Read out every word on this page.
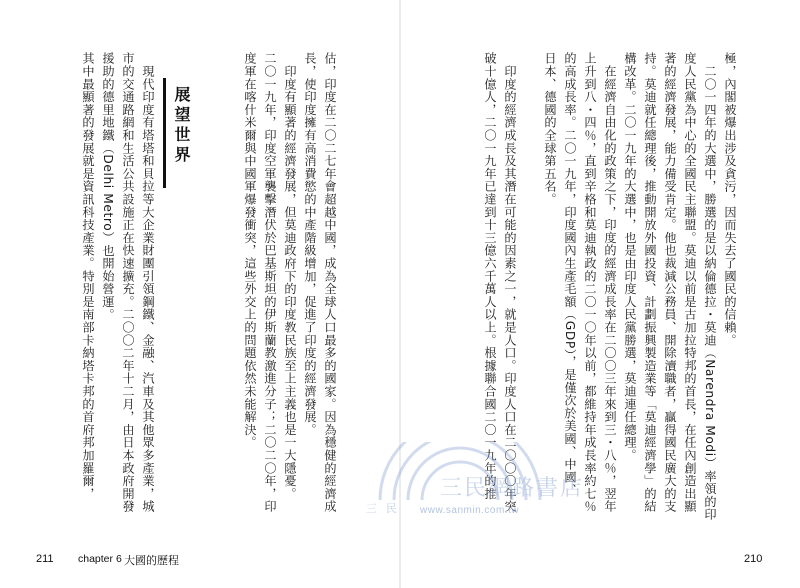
估，印度在二〇二七年會超越中國，成為全球人口最多的國家。因為穩健的經濟成
長，使印度擁有高消費慾的中產階級增加，促進了印度的經濟發展。
　印度有顯著的經濟發展，但莫迪政府下的印度教民族至上主義也是一大隱憂。
二〇一九年，印度空軍襲擊潛伏於巴基斯坦的伊斯蘭教激進分子；二〇二〇年，印
度軍在喀什米爾與中國軍爆發衝突，這些外交上的問題依然未能解決。
展望世界
　現代印度有塔塔和貝拉等大企業財團引領鋼鐵、金融、汽車及其他眾多產業，城
市的交通路網和生活公共設施正在快速擴充。二〇〇二年十二月，由日本政府開發
援助的德里地鐵（Delhi Metro）也開始營運。
其中最顯著的發展就是資訊科技產業。特別是南部卡納塔卡邦的首府邦加羅爾，	極，內閣被爆出涉及貪污，因而失去了國民的信賴。
　二〇一四年的大選中，勝選的是以納倫德拉・莫迪（Narendra Modi）率領的印
度人民黨為中心的全國民主聯盟。莫迪以前是古加拉特邦的首長，在任內創造出顯
著的經濟發展，能力備受肯定。他也裁減公務員、開除瀆職者，贏得國民廣大的支
持。莫迪就任總理後，推動開放外國投資、計劃振興製造業等「莫迪經濟學」的結
構改革。二〇一九年的大選中，也是由印度人民黨勝選，莫迪連任總理。
　在經濟自由化的政策之下，印度的經濟成長率在二〇〇三年來到三・八％，翌年
上升到八・四％，直到辛格和莫迪執政的二〇一〇年以前，都維持年成長率約七％
的高成長率。二〇一九年，印度國內生產毛額（GDP），是僅次於美國、中國、
日本、德國的全球第五名。
　印度的經濟成長及其潛在可能的因素之一，就是人口。印度人口在二〇〇〇年突
破十億人，二〇一九年已達到十三億六千萬人以上。根據聯合國二〇一九年的推
三民網路書店
www.sanmin.com.tw
三 民
211 chapter 6 大國的歷程	210
